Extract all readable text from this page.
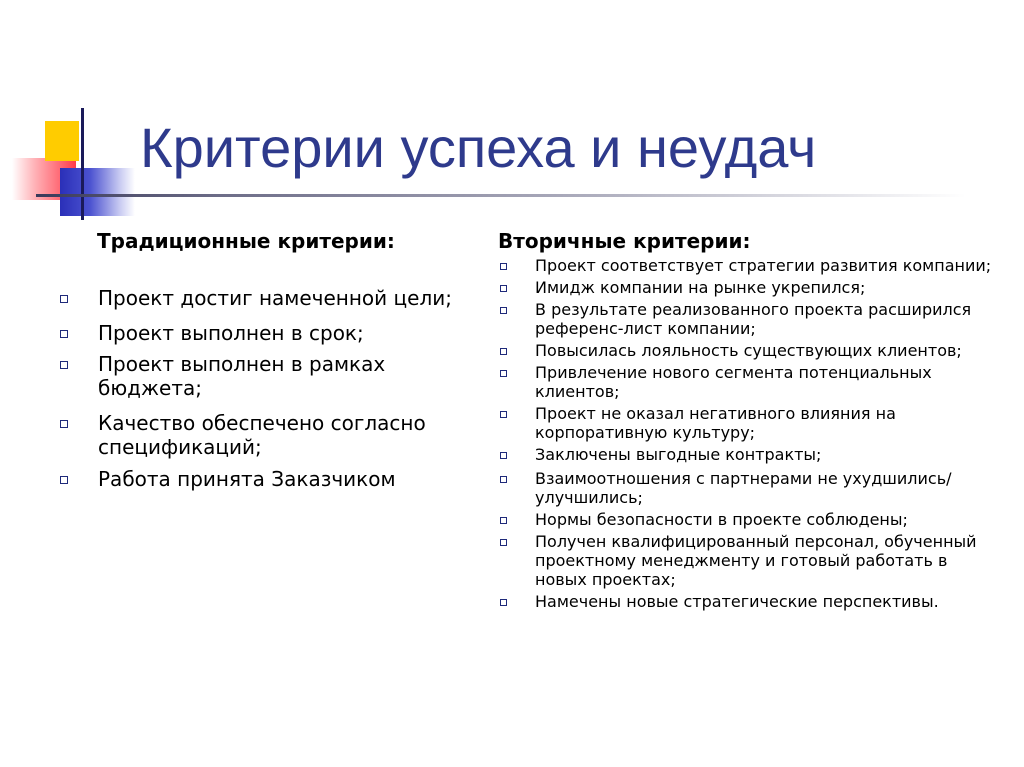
Критерии успеха и неудач
Традиционные критерии:
Проект достиг намеченной цели;
Проект выполнен в срок;
Проект выполнен в рамках бюджета;
Качество обеспечено согласно спецификаций;
Работа принята Заказчиком
Вторичные критерии:
Проект соответствует стратегии развития компании;
Имидж компании на рынке укрепился;
В результате реализованного проекта расширился референс-лист компании;
Повысилась лояльность существующих клиентов;
Привлечение нового сегмента потенциальных клиентов;
Проект не оказал негативного влияния на корпоративную культуру;
Заключены выгодные контракты;
Взаимоотношения с партнерами не ухудшились/улучшились;
Нормы безопасности в проекте соблюдены;
Получен квалифицированный персонал, обученный проектному менеджменту и готовый работать в новых проектах;
Намечены новые стратегические перспективы.
